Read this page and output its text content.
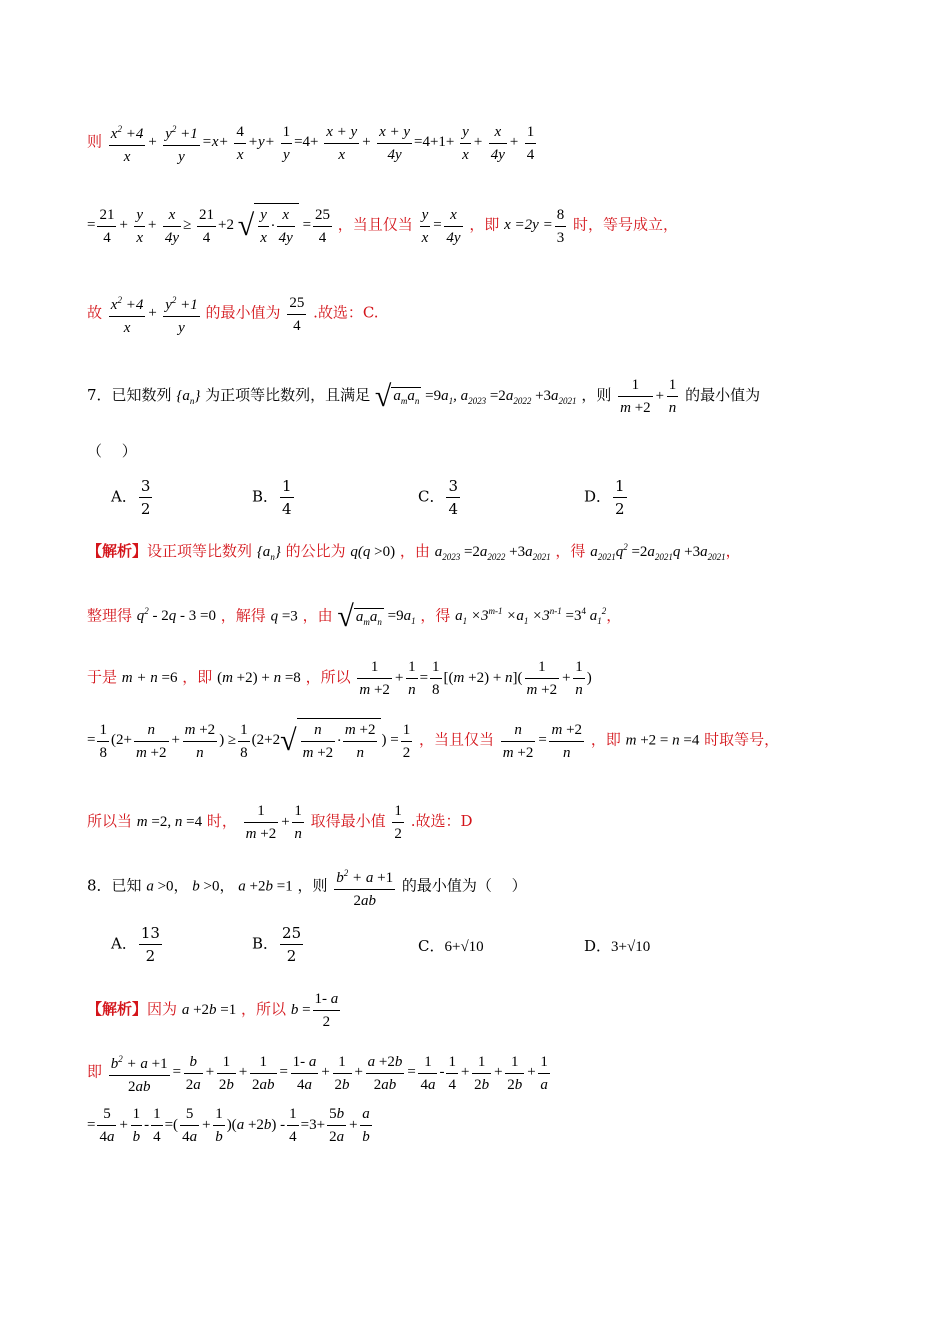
则 $\frac{x^2 +4}{x} + \frac{y^2 +1}{y} =x+ \frac{4}{x} +y+ \frac{1}{y} =4+ \frac{x + y}{x} + \frac{x + y}{4y} =4+1+ \frac{y}{x} + \frac{x}{4y} + \frac{1}{4}$
= $\frac{21}{4} + \frac{y}{x} + \frac{x}{4y} \ge \frac{21}{4} +2$ √ $\frac{y}{x} \cdot \frac{x}{4y} = \frac{25}{4}$ ，当且仅当 $\frac{y}{x} = \frac{x}{4y}$ ，即 $x =2y = \frac{8}{3}$ 时，等号成立，
故 $\frac{x^2 +4}{x} + \frac{y^2 +1}{y}$ 的最小值为 $\frac{25}{4}$ .故选：C.
7．已知数列 $\{a_n\}$ 为正项等比数列，且满足 √ $a_ma_n =9a_1$, $a_{2023} =2a_{2022} +3a_{2021}$ ，则 $\frac{1}{m +2} + \frac{1}{n}$ 的最小值为
（　 ）
A． $\frac{3}{2}$	B． $\frac{1}{4}$	C． $\frac{3}{4}$	D． $\frac{1}{2}$
【解析】设正项等比数列 $\{a_n\}$ 的公比为 q(q >0) ，由 $a_{2023} =2a_{2022} +3a_{2021}$ ，得 $a_{2021}q^2 =2a_{2021}q +3a_{2021}$，
整理得 $q^2 - 2q - 3 =0$ ，解得 q =3 ，由 √ $a_ma_n =9a_1$ ，得 $a_1 \times 3^{m-1} \times a_1 \times 3^{n-1} =3^4$ $a_1^2$，
于是 m + n =6 ，即 (m +2) + n =8 ，所以 $\frac{1}{m +2} + \frac{1}{n} = \frac{1}{8} [(m +2) + n]( \frac{1}{m +2} + \frac{1}{n}$ )
= $\frac{1}{8} (2+ \frac{n}{m +2} + \frac{m +2}{n}$ ) ≥ $\frac{1}{8} (2+2√ \frac{n}{m +2} \cdot \frac{m +2}{n}$ ) = $\frac{1}{2}$ ，当且仅当 $\frac{n}{m +2} = \frac{m +2}{n}$ ，即 m +2 = n =4 时取等号，
所以当 m =2, n =4 时， $\frac{1}{m +2} + \frac{1}{n}$ 取得最小值 $\frac{1}{2}$ .故选：D
8．已知 a >0， b >0， a +2b =1 ，则 $\frac{b^2 + a +1}{2ab}$ 的最小值为（　 ）
A． $\frac{13}{2}$	B． $\frac{25}{2}$	C．6+√10	D．3+√10
【解析】因为 a +2b =1 ，所以 $b = \frac{1- a}{2}$
即 $\frac{b^2 + a +1}{2ab} = \frac{b}{2a} + \frac{1}{2b} + \frac{1}{2ab} = \frac{1- a}{4a} + \frac{1}{2b} + \frac{a +2b}{2ab} = \frac{1}{4a} - \frac{1}{4} + \frac{1}{2b} + \frac{1}{2b} + \frac{1}{a}$
= $\frac{5}{4a} + \frac{1}{b} - \frac{1}{4}$ =( $\frac{5}{4a} + \frac{1}{b} )(a +2b) - \frac{1}{4} =3+ \frac{5b}{2a} + \frac{a}{b}$
